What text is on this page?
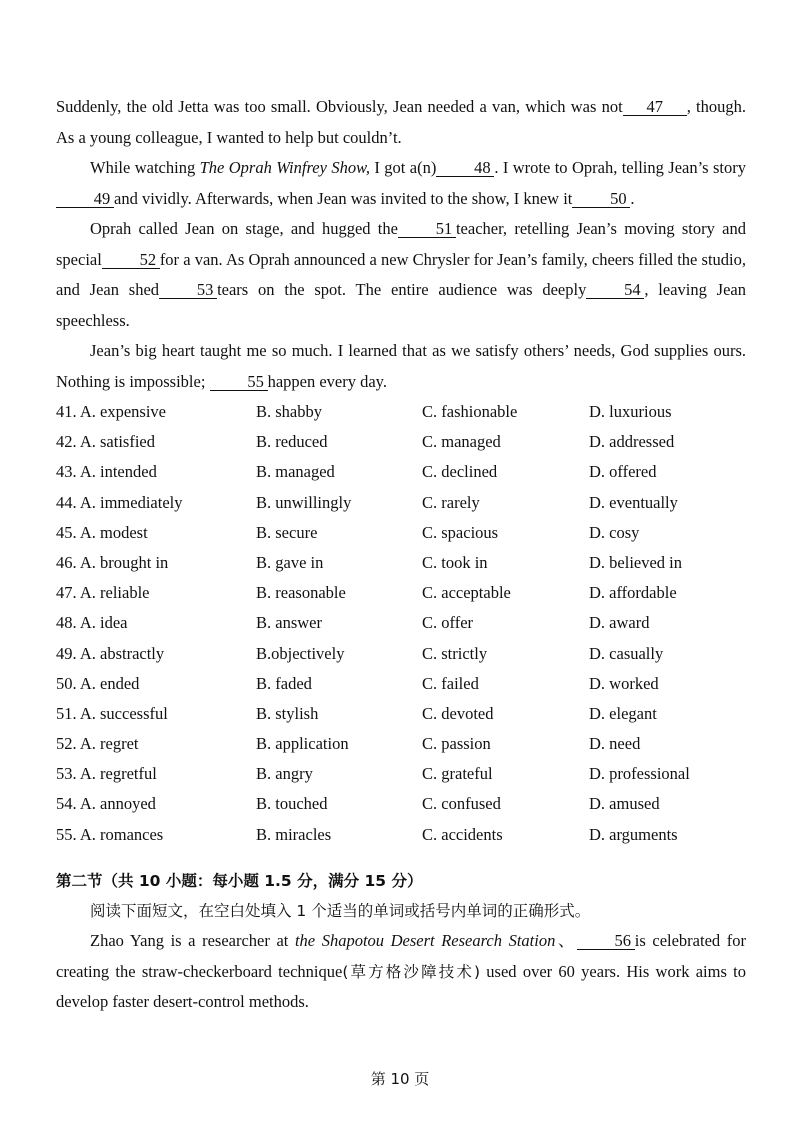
Suddenly, the old Jetta was too small. Obviously, Jean needed a van, which was not 47 , though. As a young colleague, I wanted to help but couldn’t.

While watching The Oprah Winfrey Show, I got a(n) 48 . I wrote to Oprah, telling Jean’s story49 and vividly. Afterwards, when Jean was invited to the show, I knew it 50 .

Oprah called Jean on stage, and hugged the 51 teacher, retelling Jean’s moving story and special 52 for a van. As Oprah announced a new Chrysler for Jean’s family, cheers filled the studio, and Jean shed 53 tears on the spot. The entire audience was deeply 54 , leaving Jean speechless.

Jean’s big heart taught me so much. I learned that as we satisfy others’ needs, God supplies ours. Nothing is impossible; 55 happen every day.

41. A. expensive	B. shabby	C. fashionable	D. luxurious
42. A. satisfied	B. reduced	C. managed	D. addressed
43. A. intended	B. managed	C. declined	D. offered
44. A. immediately	B. unwillingly	C. rarely	D. eventually
45. A. modest	B. secure	C. spacious	D. cosy
46. A. brought in	B. gave in	C. took in	D. believed in
47. A. reliable	B. reasonable	C. acceptable	D. affordable
48. A. idea	B. answer	C. offer	D. award
49. A. abstractly	B.objectively	C. strictly	D. casually
50. A. ended	B. faded	C. failed	D. worked
51. A. successful	B. stylish	C. devoted	D. elegant
52. A. regret	B. application	C. passion	D. need
53. A. regretful	B. angry	C. grateful	D. professional
54. A. annoyed	B. touched	C. confused	D. amused
55. A. romances	B. miracles	C. accidents	D. arguments
第二节（共 10 小题：每小题 1.5 分，满分 15 分）

阅读下面短文，在空白处填入 1 个适当的单词或括号内单词的正确形式。

Zhao Yang is a researcher at the Shapotou Desert Research Station、 56 is celebrated for creating the straw-checkerboard technique(草方格沙障技术) used over 60 years. His work aims to develop faster desert-control methods.

第 10 页
